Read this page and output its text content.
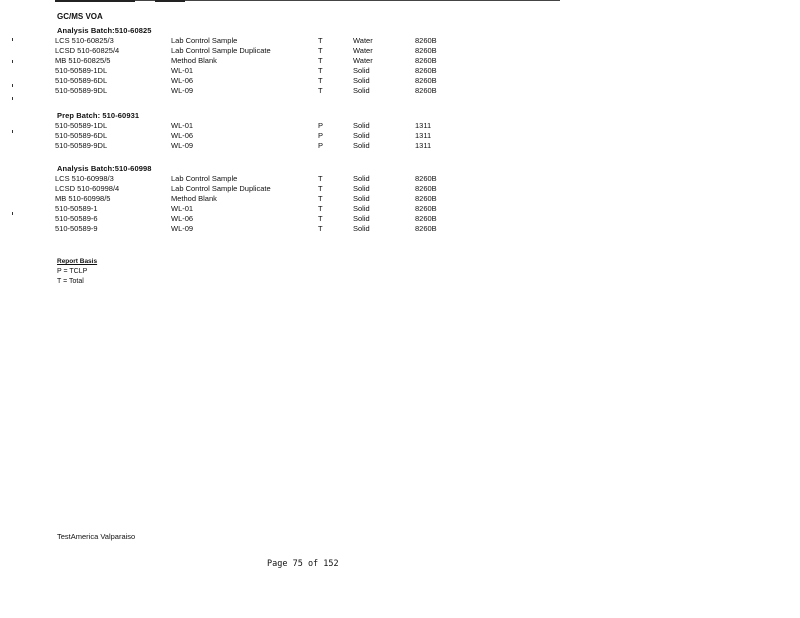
GC/MS VOA
Analysis Batch:510-60825
LCS 510-60825/3	Lab Control Sample	T	Water	8260B
LCSD 510-60825/4	Lab Control Sample Duplicate	T	Water	8260B
MB 510-60825/5	Method Blank	T	Water	8260B
510-50589-1DL	WL-01	T	Solid	8260B
510-50589-6DL	WL-06	T	Solid	8260B
510-50589-9DL	WL-09	T	Solid	8260B
Prep Batch: 510-60931
510-50589-1DL	WL-01	P	Solid	1311
510-50589-6DL	WL-06	P	Solid	1311
510-50589-9DL	WL-09	P	Solid	1311
Analysis Batch:510-60998
LCS 510-60998/3	Lab Control Sample	T	Solid	8260B
LCSD 510-60998/4	Lab Control Sample Duplicate	T	Solid	8260B
MB 510-60998/5	Method Blank	T	Solid	8260B
510-50589-1	WL-01	T	Solid	8260B
510-50589-6	WL-06	T	Solid	8260B
510-50589-9	WL-09	T	Solid	8260B
Report Basis
P = TCLP
T = Total
TestAmerica Valparaiso
Page 75 of 152
